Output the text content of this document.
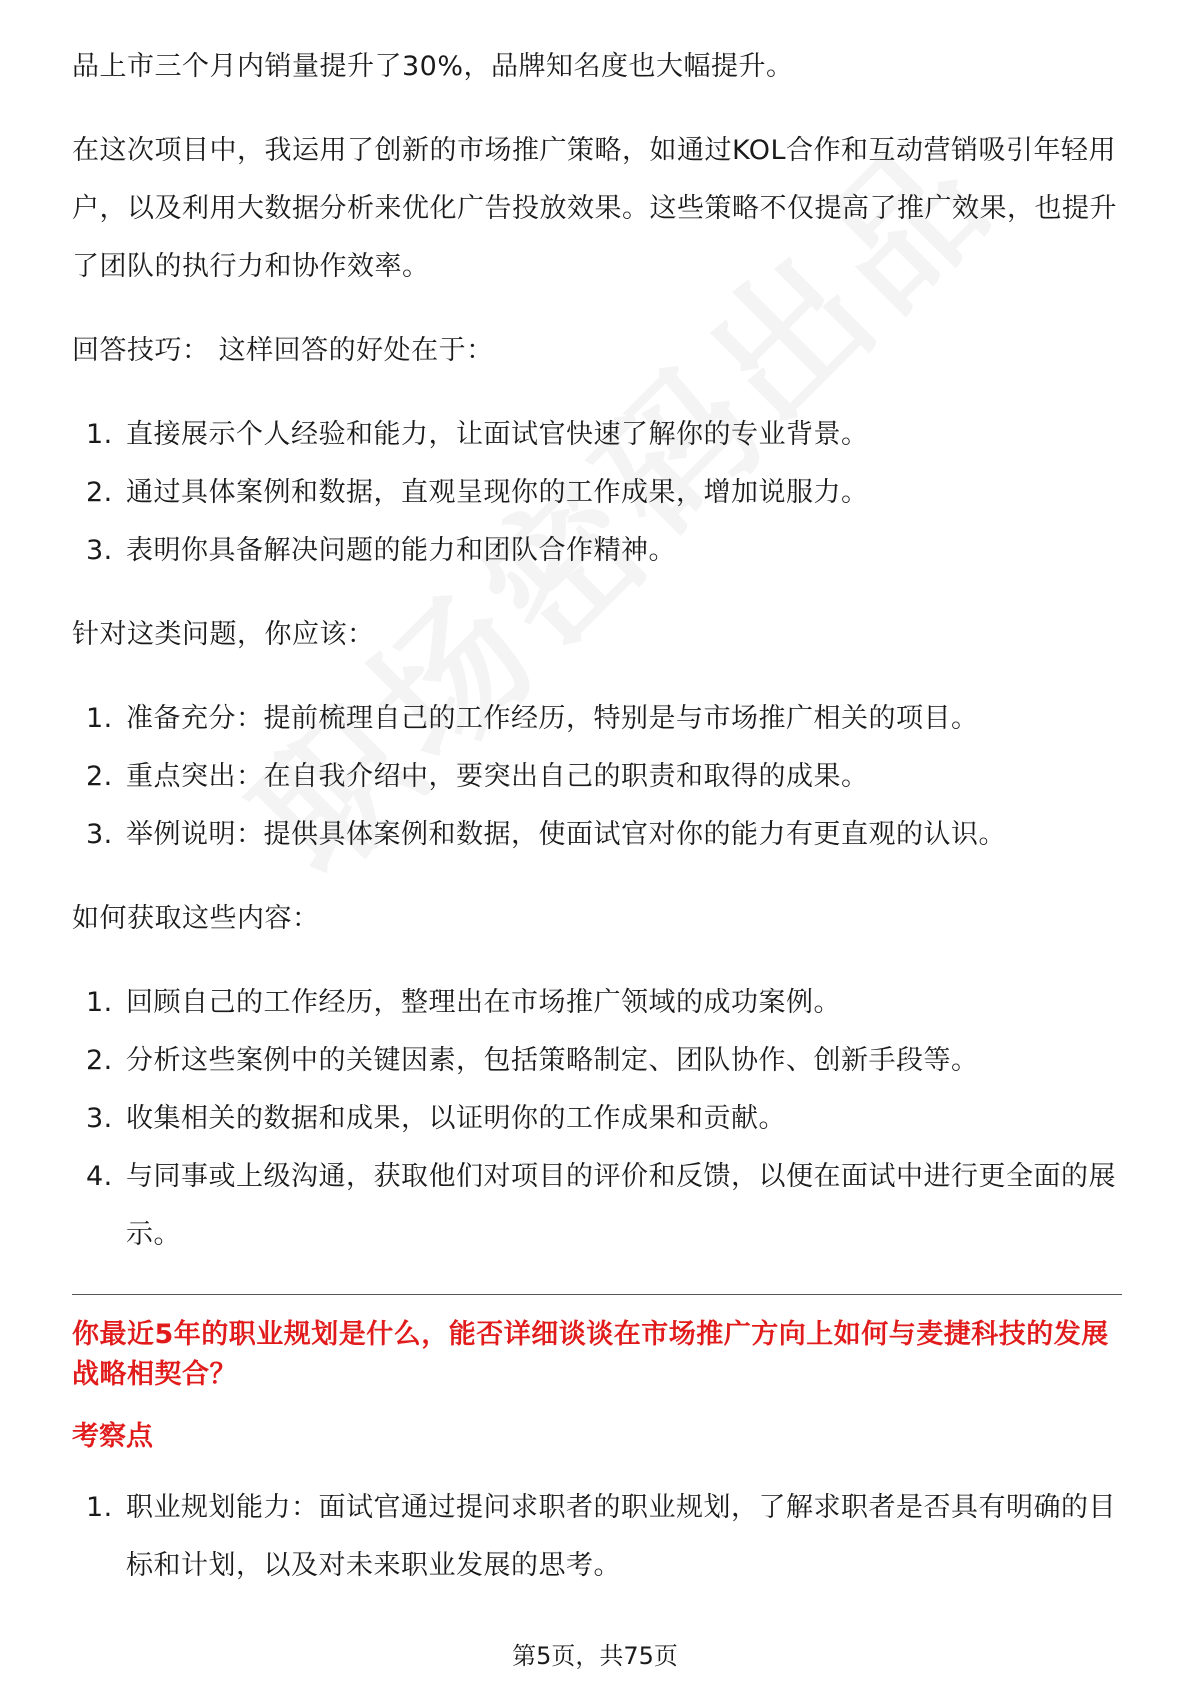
品上市三个月内销量提升了30%，品牌知名度也大幅提升。

在这次项目中，我运用了创新的市场推广策略，如通过KOL合作和互动营销吸引年轻用户，以及利用大数据分析来优化广告投放效果。这些策略不仅提高了推广效果，也提升了团队的执行力和协作效率。

回答技巧： 这样回答的好处在于：

1. 直接展示个人经验和能力，让面试官快速了解你的专业背景。
2. 通过具体案例和数据，直观呈现你的工作成果，增加说服力。
3. 表明你具备解决问题的能力和团队合作精神。

针对这类问题，你应该：

1. 准备充分：提前梳理自己的工作经历，特别是与市场推广相关的项目。
2. 重点突出：在自我介绍中，要突出自己的职责和取得的成果。
3. 举例说明：提供具体案例和数据，使面试官对你的能力有更直观的认识。

如何获取这些内容：

1. 回顾自己的工作经历，整理出在市场推广领域的成功案例。
2. 分析这些案例中的关键因素，包括策略制定、团队协作、创新手段等。
3. 收集相关的数据和成果，以证明你的工作成果和贡献。
4. 与同事或上级沟通，获取他们对项目的评价和反馈，以便在面试中进行更全面的展示。

你最近5年的职业规划是什么，能否详细谈谈在市场推广方向上如何与麦捷科技的发展战略相契合？

考察点

1. 职业规划能力：面试官通过提问求职者的职业规划，了解求职者是否具有明确的目标和计划，以及对未来职业发展的思考。
第5页，共75页
